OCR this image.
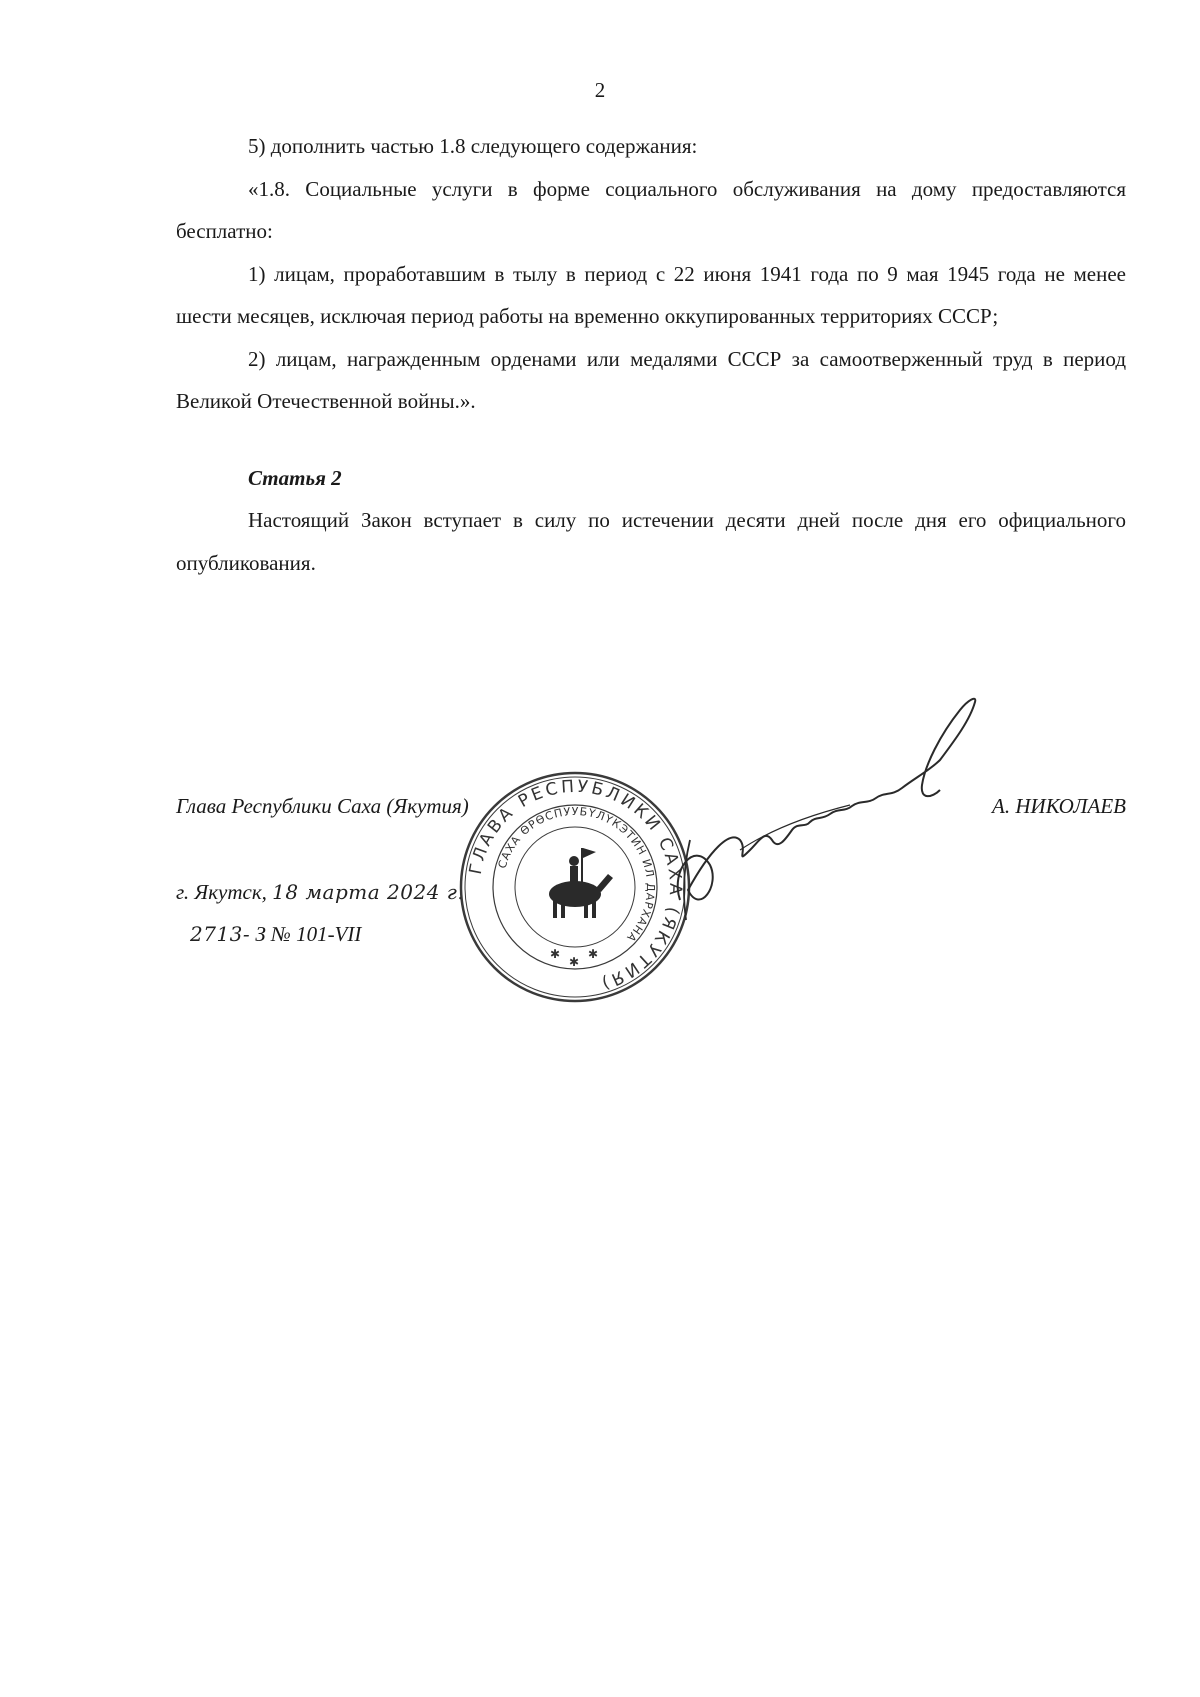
2

5) дополнить частью 1.8 следующего содержания:

«1.8. Социальные услуги в форме социального обслуживания на дому предоставляются бесплатно:

1) лицам, проработавшим в тылу в период с 22 июня 1941 года по 9 мая 1945 года не менее шести месяцев, исключая период работы на временно оккупированных территориях СССР;

2) лицам, награжденным орденами или медалями СССР за самоотверженный труд в период Великой Отечественной войны.».

Статья 2

Настоящий Закон вступает в силу по истечении десяти дней после дня его официального опубликования.

Глава Республики Саха (Якутия)	А. НИКОЛАЕВ
г. Якутск, 18 марта 2024 г.
2713- З № 101-VII
ГЛАВА РЕСПУБЛИКИ САХА (ЯКУТИЯ)
САХА ӨРӨСПУУБҮЛҮКЭТИН ИЛ ДАРХАНА
✱
✱
✱
